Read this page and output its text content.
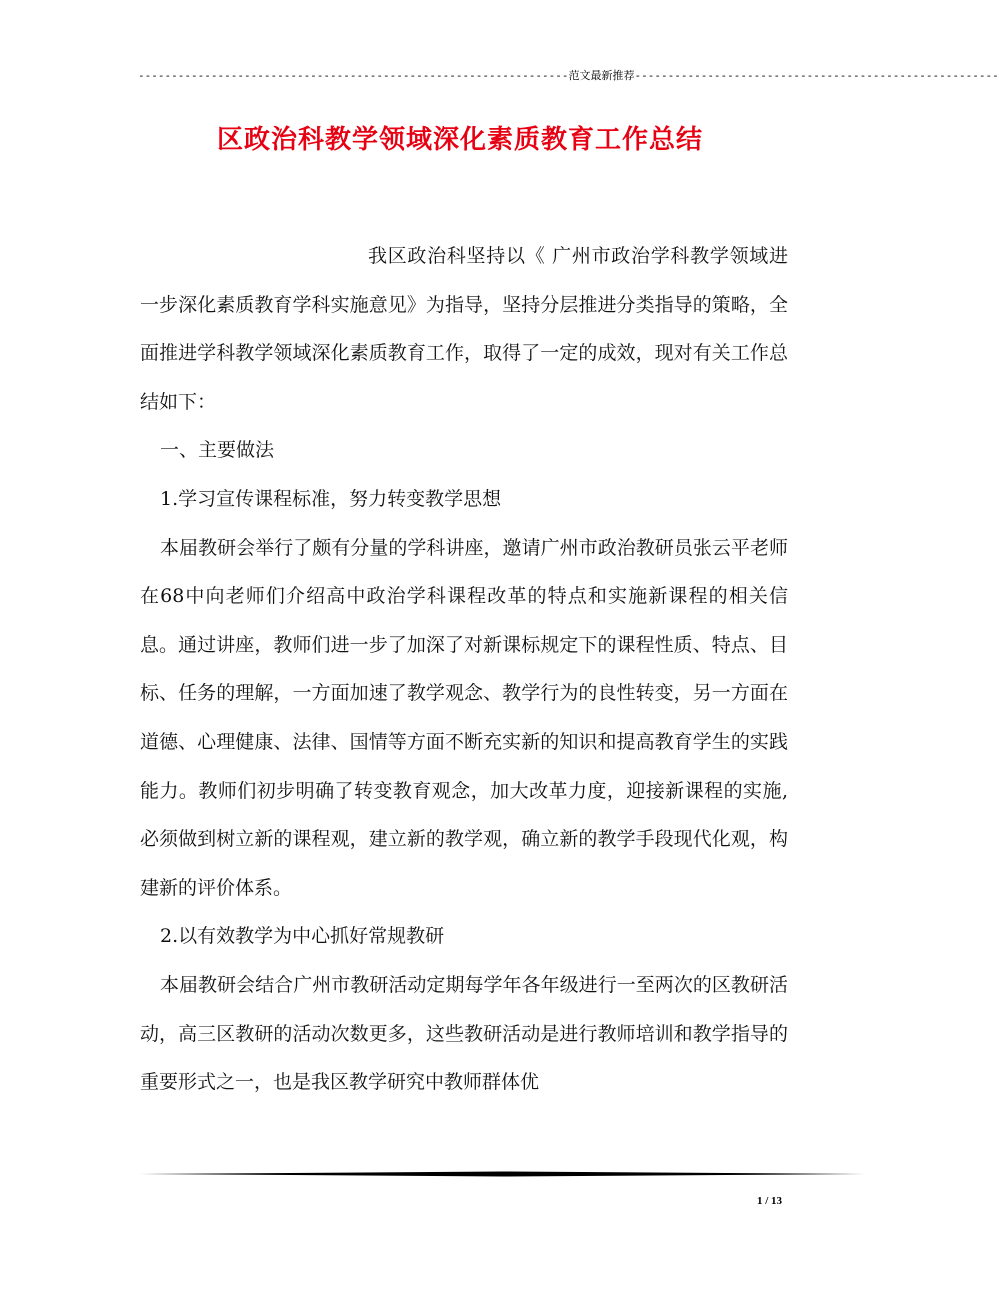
-----------------------------------------------------------------范文最新推荐-------------------------------------------------------
区政治科教学领域深化素质教育工作总结

我区政治科坚持以《 广州市政治学科教学领域进一步深化素质教育学科实施意见》为指导，坚持分层推进分类指导的策略，全面推进学科教学领域深化素质教育工作，取得了一定的成效，现对有关工作总结如下：

一、主要做法

1.学习宣传课程标准，努力转变教学思想

本届教研会举行了颇有分量的学科讲座，邀请广州市政治教研员张云平老师在68中向老师们介绍高中政治学科课程改革的特点和实施新课程的相关信息。通过讲座，教师们进一步了加深了对新课标规定下的课程性质、特点、目标、任务的理解，一方面加速了教学观念、教学行为的良性转变，另一方面在道德、心理健康、法律、国情等方面不断充实新的知识和提高教育学生的实践能力。教师们初步明确了转变教育观念，加大改革力度，迎接新课程的实施,必须做到树立新的课程观，建立新的教学观，确立新的教学手段现代化观，构建新的评价体系。

2.以有效教学为中心抓好常规教研

本届教研会结合广州市教研活动定期每学年各年级进行一至两次的区教研活动，高三区教研的活动次数更多，这些教研活动是进行教师培训和教学指导的重要形式之一，也是我区教学研究中教师群体优

1 / 13
